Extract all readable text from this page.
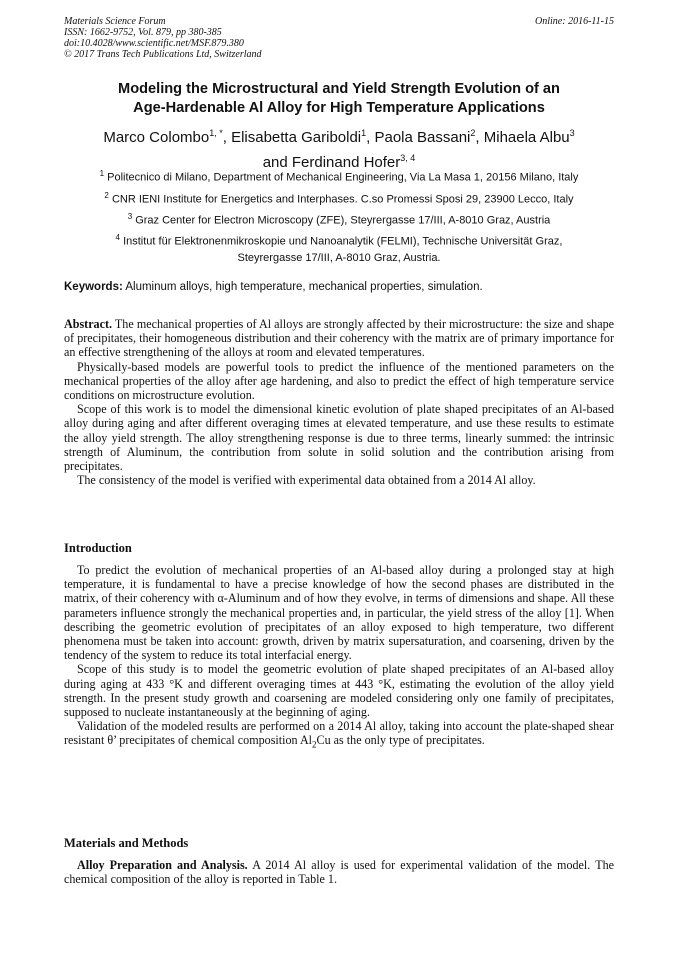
Materials Science Forum
ISSN: 1662-9752, Vol. 879, pp 380-385
doi:10.4028/www.scientific.net/MSF.879.380
© 2017 Trans Tech Publications Ltd, Switzerland
Online: 2016-11-15
Modeling the Microstructural and Yield Strength Evolution of an
Age-Hardenable Al Alloy for High Temperature Applications
Marco Colombo$^{1, *}$, Elisabetta Gariboldi$^1$, Paola Bassani$^2$, Mihaela Albu$^3$
and Ferdinand Hofer$^{3, 4}$
$^1$ Politecnico di Milano, Department of Mechanical Engineering, Via La Masa 1, 20156 Milano, Italy
$^2$ CNR IENI Institute for Energetics and Interphases. C.so Promessi Sposi 29, 23900 Lecco, Italy
$^3$ Graz Center for Electron Microscopy (ZFE), Steyrergasse 17/III, A-8010 Graz, Austria
$^4$ Institut für Elektronenmikroskopie und Nanoanalytik (FELMI), Technische Universität Graz,
Steyrergasse 17/III, A-8010 Graz, Austria.
Keywords: Aluminum alloys, high temperature, mechanical properties, simulation.

Abstract. The mechanical properties of Al alloys are strongly affected by their microstructure: the size and shape of precipitates, their homogeneous distribution and their coherency with the matrix are of primary importance for an effective strengthening of the alloys at room and elevated temperatures.

Physically-based models are powerful tools to predict the influence of the mentioned parameters on the mechanical properties of the alloy after age hardening, and also to predict the effect of high temperature service conditions on microstructure evolution.

Scope of this work is to model the dimensional kinetic evolution of plate shaped precipitates of an Al-based alloy during aging and after different overaging times at elevated temperature, and use these results to estimate the alloy yield strength. The alloy strengthening response is due to three terms, linearly summed: the intrinsic strength of Aluminum, the contribution from solute in solid solution and the contribution arising from precipitates.

The consistency of the model is verified with experimental data obtained from a 2014 Al alloy.

Introduction

To predict the evolution of mechanical properties of an Al-based alloy during a prolonged stay at high temperature, it is fundamental to have a precise knowledge of how the second phases are distributed in the matrix, of their coherency with α-Aluminum and of how they evolve, in terms of dimensions and shape. All these parameters influence strongly the mechanical properties and, in particular, the yield stress of the alloy [1]. When describing the geometric evolution of precipitates of an alloy exposed to high temperature, two different phenomena must be taken into account: growth, driven by matrix supersaturation, and coarsening, driven by the tendency of the system to reduce its total interfacial energy.

Scope of this study is to model the geometric evolution of plate shaped precipitates of an Al-based alloy during aging at 433 °K and different overaging times at 443 °K, estimating the evolution of the alloy yield strength. In the present study growth and coarsening are modeled considering only one family of precipitates, supposed to nucleate instantaneously at the beginning of aging.

Validation of the modeled results are performed on a 2014 Al alloy, taking into account the plate-shaped shear resistant θ’ precipitates of chemical composition $Al_2Cu$ as the only type of precipitates.

Materials and Methods

Alloy Preparation and Analysis. A 2014 Al alloy is used for experimental validation of the model. The chemical composition of the alloy is reported in Table 1.
